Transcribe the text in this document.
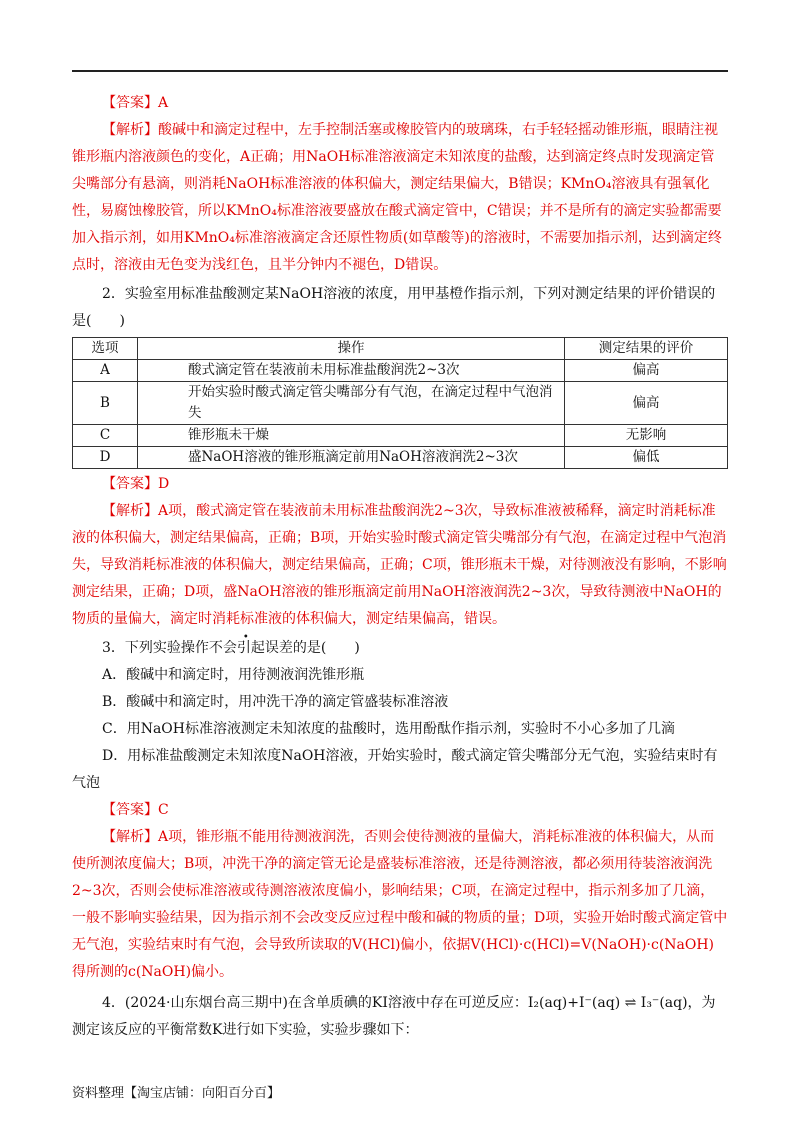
【答案】A

【解析】酸碱中和滴定过程中，左手控制活塞或橡胶管内的玻璃珠，右手轻轻摇动锥形瓶，眼睛注视锥形瓶内溶液颜色的变化，A正确；用NaOH标准溶液滴定未知浓度的盐酸，达到滴定终点时发现滴定管尖嘴部分有悬滴，则消耗NaOH标准溶液的体积偏大，测定结果偏大，B错误；KMnO₄溶液具有强氧化性，易腐蚀橡胶管，所以KMnO₄标准溶液要盛放在酸式滴定管中，C错误；并不是所有的滴定实验都需要加入指示剂，如用KMnO₄标准溶液滴定含还原性物质(如草酸等)的溶液时，不需要加指示剂，达到滴定终点时，溶液由无色变为浅红色，且半分钟内不褪色，D错误。

2．实验室用标准盐酸测定某NaOH溶液的浓度，用甲基橙作指示剂，下列对测定结果的评价错误的是(　　)

选项	操作	测定结果的评价
A	酸式滴定管在装液前未用标准盐酸润洗2~3次	偏高
B	开始实验时酸式滴定管尖嘴部分有气泡，在滴定过程中气泡消失	偏高
C	锥形瓶未干燥	无影响
D	盛NaOH溶液的锥形瓶滴定前用NaOH溶液润洗2~3次	偏低

【答案】D

【解析】A项，酸式滴定管在装液前未用标准盐酸润洗2~3次，导致标准液被稀释，滴定时消耗标准液的体积偏大，测定结果偏高，正确；B项，开始实验时酸式滴定管尖嘴部分有气泡，在滴定过程中气泡消失，导致消耗标准液的体积偏大，测定结果偏高，正确；C项，锥形瓶未干燥，对待测液没有影响，不影响测定结果，正确；D项，盛NaOH溶液的锥形瓶滴定前用NaOH溶液润洗2~3次，导致待测液中NaOH的物质的量偏大，滴定时消耗标准液的体积偏大，测定结果偏高，错误。

3．下列实验操作• 不会引起误差的是(　　)

A．酸碱中和滴定时，用待测液润洗锥形瓶

B．酸碱中和滴定时，用冲洗干净的滴定管盛装标准溶液

C．用NaOH标准溶液测定未知浓度的盐酸时，选用酚酞作指示剂，实验时不小心多加了几滴

D．用标准盐酸测定未知浓度NaOH溶液，开始实验时，酸式滴定管尖嘴部分无气泡，实验结束时有气泡

【答案】C

【解析】A项，锥形瓶不能用待测液润洗，否则会使待测液的量偏大，消耗标准液的体积偏大，从而使所测浓度偏大；B项，冲洗干净的滴定管无论是盛装标准溶液，还是待测溶液，都必须用待装溶液润洗2~3次，否则会使标准溶液或待测溶液浓度偏小，影响结果；C项，在滴定过程中，指示剂多加了几滴，一般不影响实验结果，因为指示剂不会改变反应过程中酸和碱的物质的量；D项，实验开始时酸式滴定管中无气泡，实验结束时有气泡，会导致所读取的V(HCl)偏小，依据V(HCl)·c(HCl)=V(NaOH)·c(NaOH)得所测的c(NaOH)偏小。

4．(2024·山东烟台高三期中)在含单质碘的KI溶液中存在可逆反应：I₂(aq)+I⁻(aq) ⇌ I₃⁻(aq)，为测定该反应的平衡常数K进行如下实验，实验步骤如下：

资料整理【淘宝店铺：向阳百分百】
